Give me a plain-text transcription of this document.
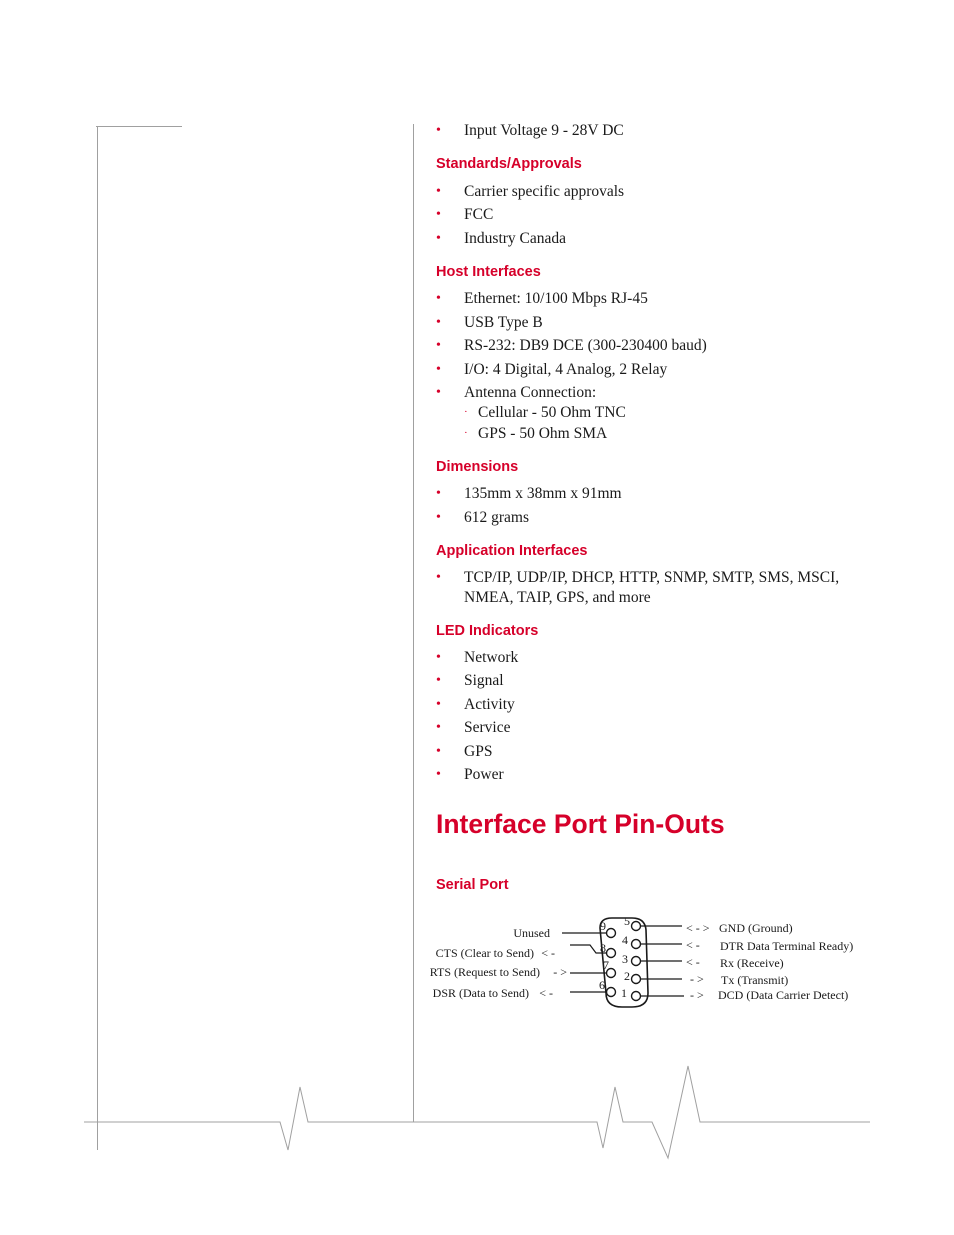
• Input Voltage 9 - 28V DC
Standards/Approvals
• Carrier specific approvals
• FCC
• Industry Canada
Host Interfaces
• Ethernet: 10/100 Mbps RJ-45
• USB Type B
• RS-232: DB9 DCE (300-230400 baud)
• I/O: 4 Digital, 4 Analog, 2 Relay
• Antenna Connection:
· Cellular - 50 Ohm TNC
· GPS - 50 Ohm SMA
Dimensions
• 135mm x 38mm x 91mm
• 612 grams
Application Interfaces
• TCP/IP, UDP/IP, DHCP, HTTP, SNMP, SMTP, SMS, MSCI, NMEA, TAIP, GPS, and more
LED Indicators
• Network
• Signal
• Activity
• Service
• GPS
• Power
Interface Port Pin-Outs
Serial Port
9
8
7
6
5
4
3
2
1
Unused
CTS (Clear to Send) < -
RTS (Request to Send) - >
DSR (Data to Send) < -
< - > GND (Ground)
< - DTR Data Terminal Ready)
< - Rx (Receive)
- > Tx (Transmit)
- > DCD (Data Carrier Detect)
